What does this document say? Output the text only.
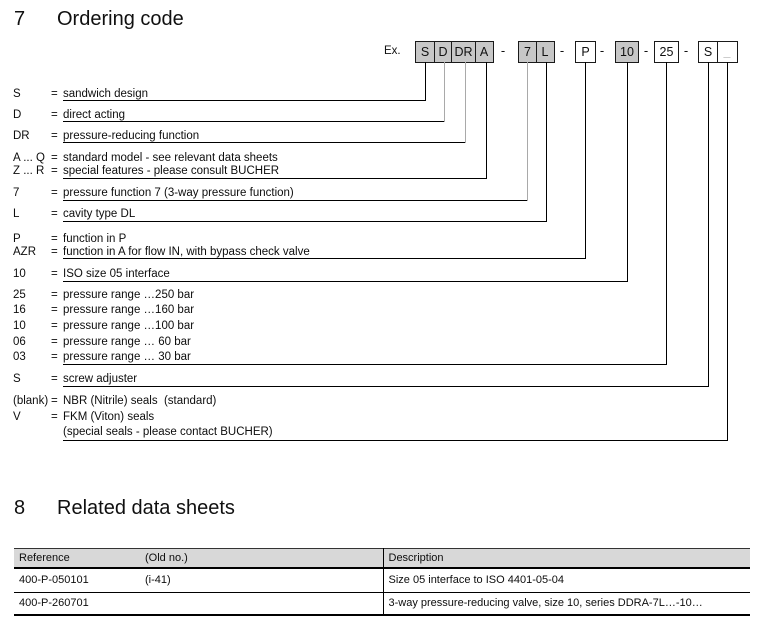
7 Ordering code
Ex.	S D DR A -	7 L -	P -	10 - 25 -	S _
S	= sandwich design
D	= direct acting
DR = pressure-reducing function
A ... Q = standard model - see relevant data sheets
Z ... R = special features - please consult BUCHER
7	= pressure function 7 (3-way pressure function)
L	= cavity type DL
P	= function in P
AZR = function in A for flow IN, with bypass check valve
10 = ISO size 05 interface
25 = pressure range …250 bar
16 = pressure range …160 bar
10 = pressure range …100 bar
06 = pressure range … 60 bar
03 = pressure range … 30 bar
S	= screw adjuster
(blank) = NBR (Nitrile) seals  (standard)
V	= FKM (Viton) seals
(special seals - please contact BUCHER)
8 Related data sheets
Reference	(Old no.)	Description
400-P-050101	(i-41)	Size 05 interface to ISO 4401-05-04
400-P-260701		3-way pressure-reducing valve, size 10, series DDRA-7L…-10…
